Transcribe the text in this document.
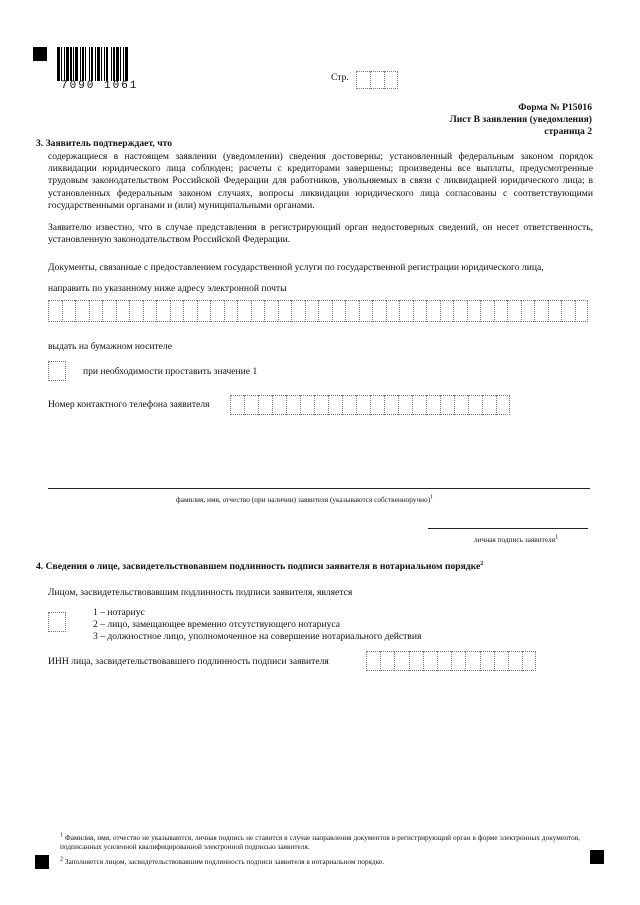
7090 1061
Стр.
Форма № Р15016
Лист В заявления (уведомления)
страница 2
3. Заявитель подтверждает, что
содержащиеся в настоящем заявлении (уведомлении) сведения достоверны; установленный федеральным законом порядок ликвидации юридического лица соблюден; расчеты с кредиторами завершены; произведены все выплаты, предусмотренные трудовым законодательством Российской Федерации для работников, увольняемых в связи с ликвидацией юридического лица; в установленных федеральным законом случаях, вопросы ликвидации юридического лица согласованы с соответствующими государственными органами и (или) муниципальными органами.
Заявителю известно, что в случае представления в регистрирующий орган недостоверных сведений, он несет ответственность, установленную законодательством Российской Федерации.
Документы, связанные с предоставлением государственной услуги по государственной регистрации юридического лица,
направить по указанному ниже адресу электронной почты
выдать на бумажном носителе
при необходимости проставить значение 1
Номер контактного телефона заявителя
фамилия, имя, отчество (при наличии) заявителя (указываются собственноручно)$^1$
личная подпись заявителя$^1$
4. Сведения о лице, засвидетельствовавшем подлинность подписи заявителя в нотариальном порядке$^2$
Лицом, засвидетельствовавшим подлинность подписи заявителя, является
1 – нотариус
2 – лицо, замещающее временно отсутствующего нотариуса
3 – должностное лицо, уполномоченное на совершение нотариального действия
ИНН лица, засвидетельствовавшего подлинность подписи заявителя
$^1$ Фамилия, имя, отчество не указываются, личная подпись не ставится в случае направления документов в регистрирующий орган в форме электронных документов, подписанных усиленной квалифицированной электронной подписью заявителя.
$^2$ Заполняется лицом, засвидетельствовавшим подлинность подписи заявителя в нотариальном порядке.
